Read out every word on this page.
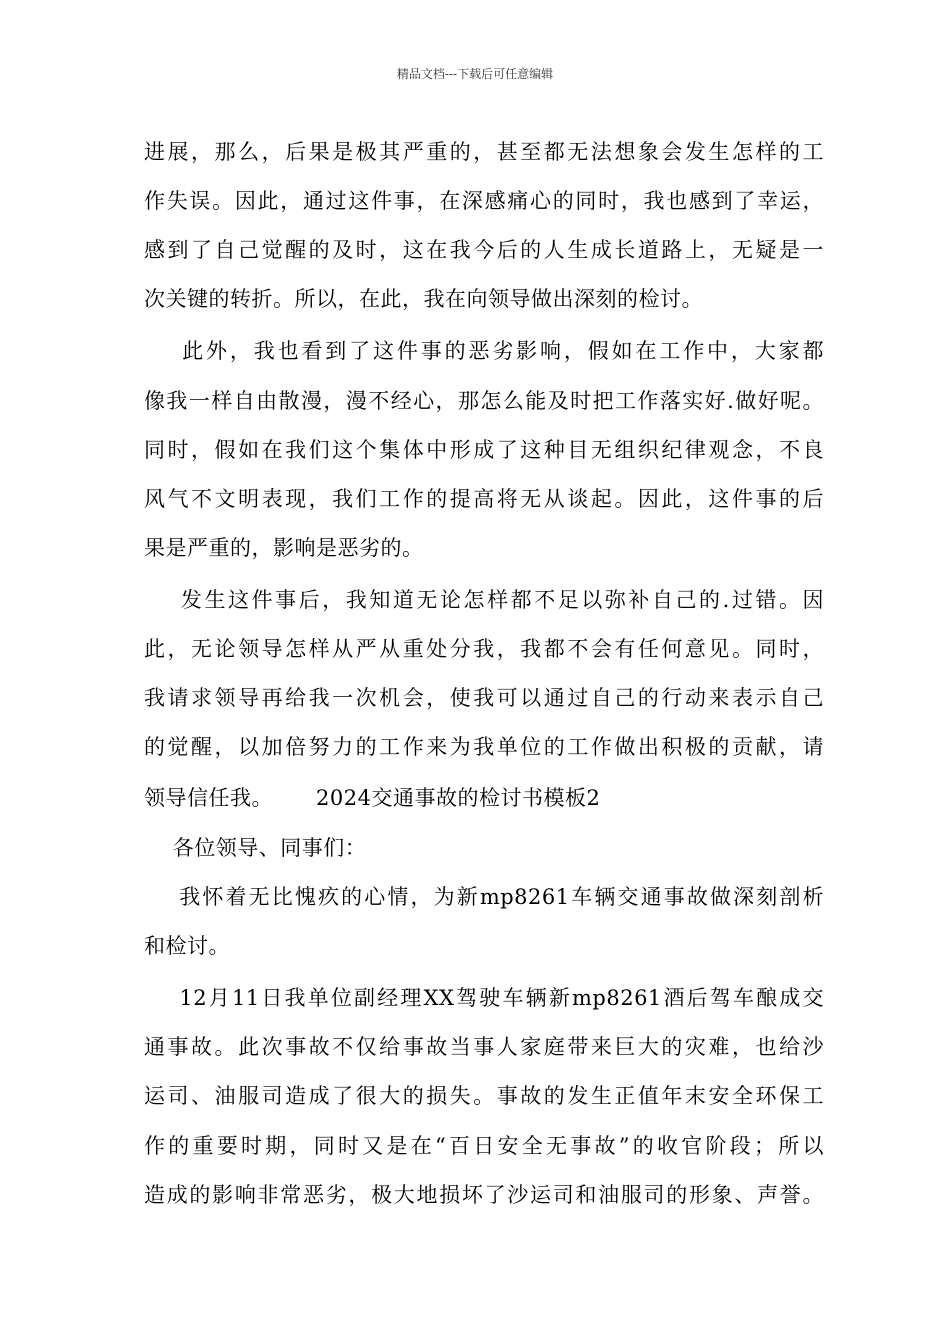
精品文档---下载后可任意编辑
进展，那么，后果是极其严重的，甚至都无法想象会发生怎样的工
作失误。因此，通过这件事，在深感痛心的同时，我也感到了幸运，
感到了自己觉醒的及时，这在我今后的人生成长道路上，无疑是一
次关键的转折。所以，在此，我在向领导做出深刻的检讨。
此外，我也看到了这件事的恶劣影响，假如在工作中，大家都
像我一样自由散漫，漫不经心，那怎么能及时把工作落实好.做好呢。
同时，假如在我们这个集体中形成了这种目无组织纪律观念，不良
风气不文明表现，我们工作的提高将无从谈起。因此，这件事的后
果是严重的，影响是恶劣的。
发生这件事后，我知道无论怎样都不足以弥补自己的.过错。因
此，无论领导怎样从严从重处分我，我都不会有任何意见。同时，
我请求领导再给我一次机会，使我可以通过自己的行动来表示自己
的觉醒，以加倍努力的工作来为我单位的工作做出积极的贡献，请
领导信任我。      2024交通事故的检讨书模板2
各位领导、同事们：
我怀着无比愧疚的心情，为新mp8261车辆交通事故做深刻剖析
和检讨。
12月11日我单位副经理XX驾驶车辆新mp8261酒后驾车酿成交
通事故。此次事故不仅给事故当事人家庭带来巨大的灾难，也给沙
运司、油服司造成了很大的损失。事故的发生正值年末安全环保工
作的重要时期，同时又是在“百日安全无事故”的收官阶段；所以
造成的影响非常恶劣，极大地损坏了沙运司和油服司的形象、声誉。
